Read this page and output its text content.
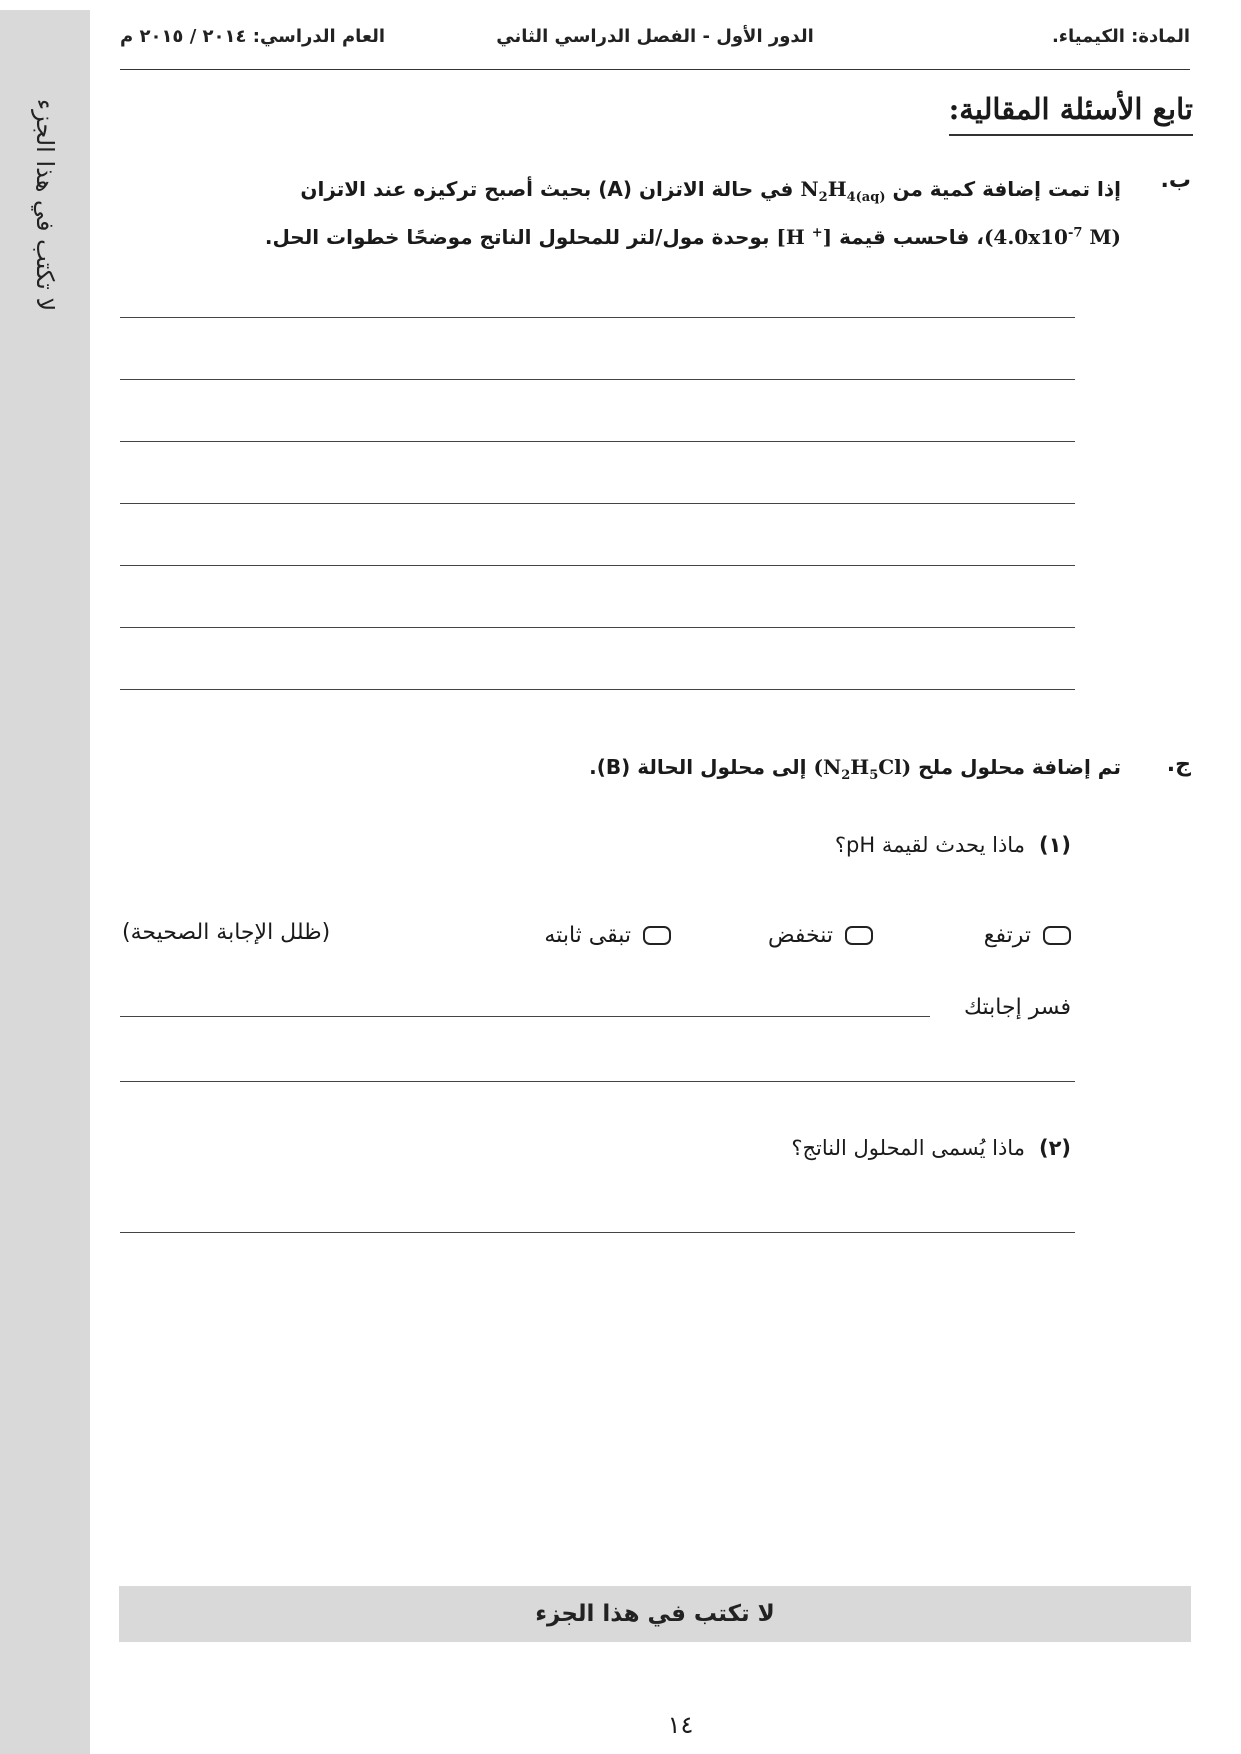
لا تكتب في هذا الجزء
المادة: الكيمياء.
الدور الأول - الفصل الدراسي الثاني
العام الدراسي: ٢٠١٤ / ٢٠١٥ م
تابع الأسئلة المقالية:
ب.
إذا تمت إضافة كمية من $N_2H_{4(aq)}$ في حالة الاتزان (A) بحيث أصبح تركيزه عند الاتزان
($4.0x10^{-7}$ M)، فاحسب قيمة [H +] بوحدة مول/لتر للمحلول الناتج موضحًا خطوات الحل.
ج.
تم إضافة محلول ملح $(N_2H_5Cl)$ إلى محلول الحالة (B).
(١)ماذا يحدث لقيمة pH؟
ترتفع
تنخفض
تبقى ثابته
(ظلل الإجابة الصحيحة)
فسر إجابتك
(٢)ماذا يُسمى المحلول الناتج؟
لا تكتب في هذا الجزء
١٤
